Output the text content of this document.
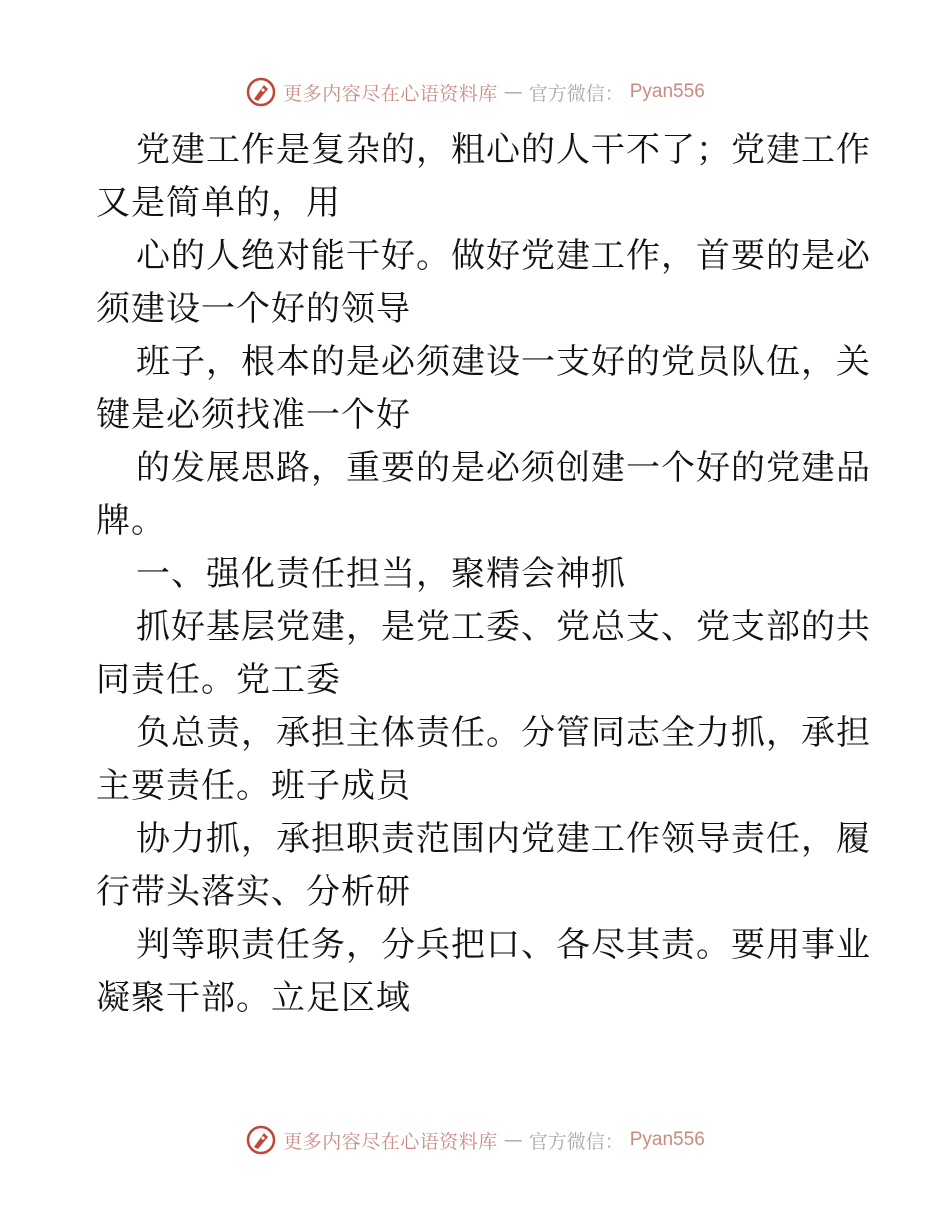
更多内容尽在心语资料库 — 官方微信： Pyan556
党建工作是复杂的，粗心的人干不了；党建工作
又是简单的，用
心的人绝对能干好。做好党建工作，首要的是必
须建设一个好的领导
班子，根本的是必须建设一支好的党员队伍，关
键是必须找准一个好
的发展思路，重要的是必须创建一个好的党建品
牌。
一、强化责任担当，聚精会神抓
抓好基层党建，是党工委、党总支、党支部的共
同责任。党工委
负总责，承担主体责任。分管同志全力抓，承担
主要责任。班子成员
协力抓，承担职责范围内党建工作领导责任，履
行带头落实、分析研
判等职责任务，分兵把口、各尽其责。要用事业
凝聚干部。立足区域
更多内容尽在心语资料库 — 官方微信： Pyan556
